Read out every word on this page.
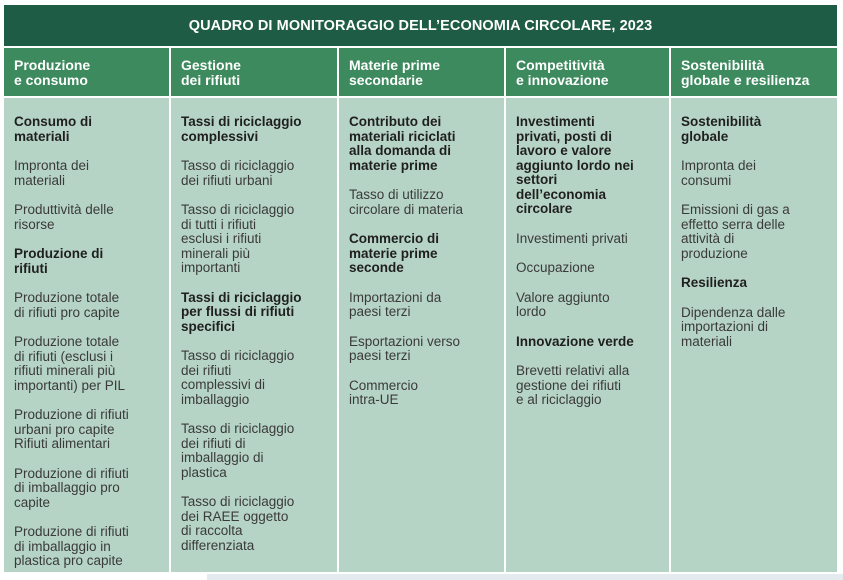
QUADRO DI MONITORAGGIO DELL’ECONOMIA CIRCOLARE, 2023
Produzione
e consumo
Gestione
dei rifiuti
Materie prime
secondarie
Competitività
e innovazione
Sostenibilità
globale e resilienza
Consumo di
materiali
Impronta dei
materiali
Produttività delle
risorse
Produzione di
rifiuti
Produzione totale
di rifiuti pro capite
Produzione totale
di rifiuti (esclusi i
rifiuti minerali più
importanti) per PIL
Produzione di rifiuti
urbani pro capite
Rifiuti alimentari
Produzione di rifiuti
di imballaggio pro
capite
Produzione di rifiuti
di imballaggio in
plastica pro capite
Tassi di riciclaggio
complessivi
Tasso di riciclaggio
dei rifiuti urbani
Tasso di riciclaggio
di tutti i rifiuti
esclusi i rifiuti
minerali più
importanti
Tassi di riciclaggio
per flussi di rifiuti
specifici
Tasso di riciclaggio
dei rifiuti
complessivi di
imballaggio
Tasso di riciclaggio
dei rifiuti di
imballaggio di
plastica
Tasso di riciclaggio
dei RAEE oggetto
di raccolta
differenziata
Contributo dei
materiali riciclati
alla domanda di
materie prime
Tasso di utilizzo
circolare di materia
Commercio di
materie prime
seconde
Importazioni da
paesi terzi
Esportazioni verso
paesi terzi
Commercio
intra-UE
Investimenti
privati, posti di
lavoro e valore
aggiunto lordo nei
settori
dell’economia
circolare
Investimenti privati
Occupazione
Valore aggiunto
lordo
Innovazione verde
Brevetti relativi alla
gestione dei rifiuti
e al riciclaggio
Sostenibilità
globale
Impronta dei
consumi
Emissioni di gas a
effetto serra delle
attività di
produzione
Resilienza
Dipendenza dalle
importazioni di
materiali
